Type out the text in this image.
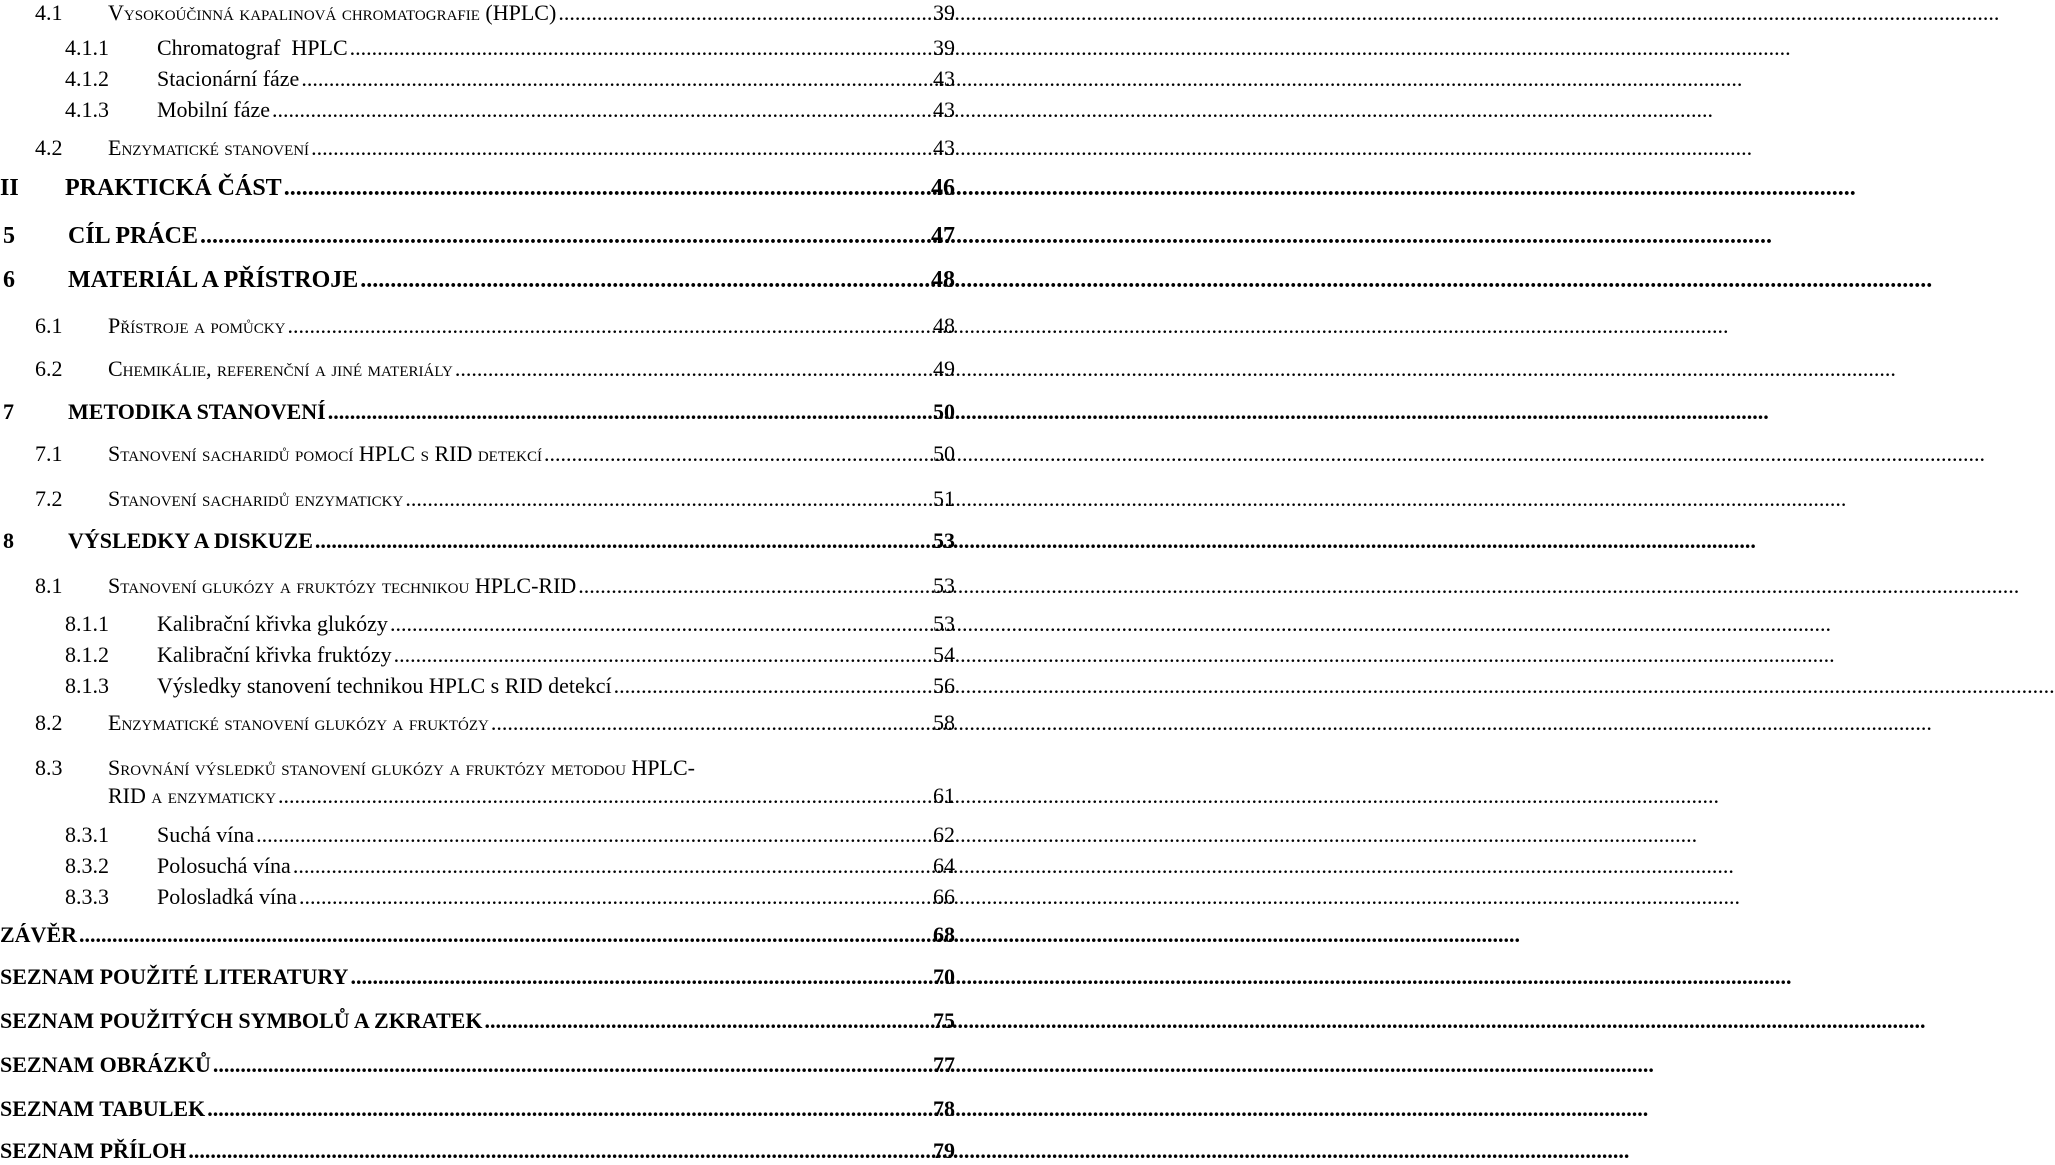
4.1	Vysokoúčinná kapalinová chromatografie (HPLC) .....	39
4.1.1	Chromatograf  HPLC .....	39
4.1.2	Stacionární fáze .....	43
4.1.3	Mobilní fáze .....	43
4.2	Enzymatické stanovení .....	43
II	PRAKTICKÁ ČÁST .....	46
5	CÍL PRÁCE .....	47
6	MATERIÁL A PŘÍSTROJE .....	48
6.1	Přístroje a pomůcky .....	48
6.2	Chemikálie, referenční a jiné materiály .....	49
7	METODIKA STANOVENÍ .....	50
7.1	Stanovení sacharidů pomocí HPLC s RID detekcí .....	50
7.2	Stanovení sacharidů enzymaticky .....	51
8	VÝSLEDKY A DISKUZE .....	53
8.1	Stanovení glukózy a fruktózy technikou HPLC-RID .....	53
8.1.1	Kalibrační křivka glukózy .....	53
8.1.2	Kalibrační křivka fruktózy .....	54
8.1.3	Výsledky stanovení technikou HPLC s RID detekcí .....	56
8.2	Enzymatické stanovení glukózy a fruktózy .....	58
8.3	Srovnání výsledků stanovení glukózy a fruktózy metodou HPLC-
RID a enzymaticky .....	61
8.3.1	Suchá vína .....	62
8.3.2	Polosuchá vína .....	64
8.3.3	Polosladká vína .....	66
ZÁVĚR .....	68
SEZNAM POUŽITÉ LITERATURY .....	70
SEZNAM POUŽITÝCH SYMBOLŮ A ZKRATEK .....	75
SEZNAM OBRÁZKŮ .....	77
SEZNAM TABULEK .....	78
SEZNAM PŘÍLOH .....	79
